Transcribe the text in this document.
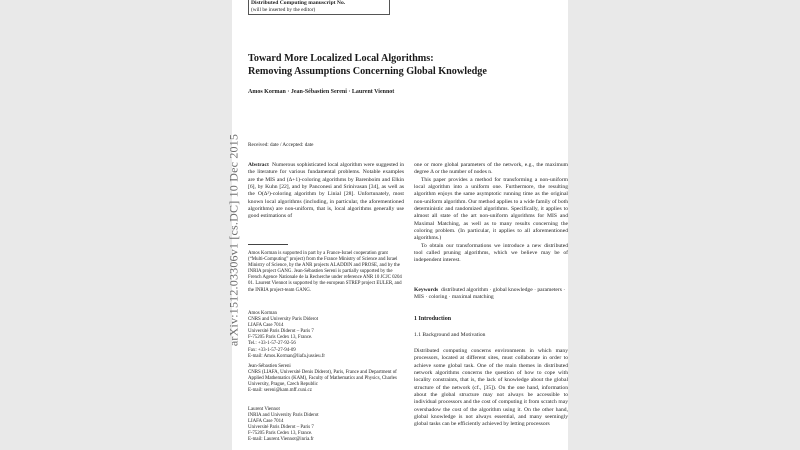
Distributed Computing manuscript No.
(will be inserted by the editor)
arXiv:1512.03306v1 [cs.DC] 10 Dec 2015
Toward More Localized Local Algorithms:
Removing Assumptions Concerning Global Knowledge
Amos Korman · Jean-Sébastien Sereni · Laurent Viennot
Received: date / Accepted: date

Abstract Numerous sophisticated local algorithm were suggested in the literature for various fundamental problems. Notable examples are the MIS and (Δ+1)-coloring algorithms by Barenboim and Elkin [6], by Kuhn [22], and by Panconesi and Srinivasan [34], as well as the O(Δ²)-coloring algorithm by Linial [28]. Unfortunately, most known local algorithms (including, in particular, the aforementioned algorithms) are non-uniform, that is, local algorithms generally use good estimations of

Amos Korman is supported in part by a France-Israel cooperation grant (“Multi-Computing” project) from the France Ministry of Science and Israel Ministry of Science, by the ANR projects ALADDIN and PROSE, and by the INRIA project GANG. Jean-Sébastien Sereni is partially supported by the French Agence Nationale de la Recherche under reference ANR 10 JCJC 0204 01. Laurent Viennot is supported by the european STREP project EULER, and the INRIA project-team GANG.
Amos Korman
CNRS and University Paris Diderot
LIAFA Case 7014
Université Paris Diderot – Paris 7
F-75205 Paris Cedex 13, France.
Tel.: +33-1-57-27-92-56
Fax: +33-1-57-27-94-09
E-mail: Amos.Korman@liafa.jussieu.fr
Jean-Sébastien Sereni
CNRS (LIAFA, Université Denis Diderot), Paris, France and Department of Applied Mathematics (KAM), Faculty of Mathematics and Physics, Charles University, Prague, Czech Republic
E-mail: sereni@kam.mff.cuni.cz
Laurent Viennot
INRIA and University Paris Diderot
LIAFA Case 7014
Université Paris Diderot – Paris 7
F-75205 Paris Cedex 13, France.
E-mail: Laurent.Viennot@inria.fr

one or more global parameters of the network, e.g., the maximum degree Δ or the number of nodes n.

This paper provides a method for transforming a non-uniform local algorithm into a uniform one. Furthermore, the resulting algorithm enjoys the same asymptotic running time as the original non-uniform algorithm. Our method applies to a wide family of both deterministic and randomized algorithms. Specifically, it applies to almost all state of the art non-uniform algorithms for MIS and Maximal Matching, as well as to many results concerning the coloring problem. (In particular, it applies to all aforementioned algorithms.)

To obtain our transformations we introduce a new distributed tool called pruning algorithms, which we believe may be of independent interest.

Keywords distributed algorithm · global knowledge · parameters · MIS · coloring · maximal matching
1 Introduction
1.1 Background and Motivation
Distributed computing concerns environments in which many processors, located at different sites, must collaborate in order to achieve some global task. One of the main themes in distributed network algorithms concerns the question of how to cope with locality constraints, that is, the lack of knowledge about the global structure of the network (cf., [35]). On the one hand, information about the global structure may not always be accessible to individual processors and the cost of computing it from scratch may overshadow the cost of the algorithm using it. On the other hand, global knowledge is not always essential, and many seemingly global tasks can be efficiently achieved by letting processors
